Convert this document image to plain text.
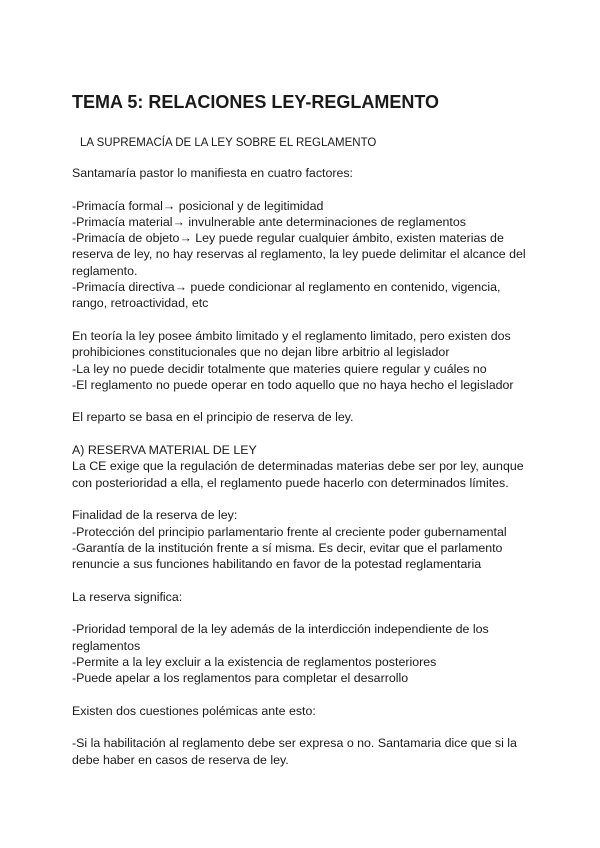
TEMA 5: RELACIONES LEY-REGLAMENTO
LA SUPREMACÍA DE LA LEY SOBRE EL REGLAMENTO

Santamaría pastor lo manifiesta en cuatro factores:

-Primacía formal→ posicional y de legitimidad

-Primacía material→ invulnerable ante determinaciones de reglamentos

-Primacía de objeto→ Ley puede regular cualquier ámbito, existen materias de

reserva de ley, no hay reservas al reglamento, la ley puede delimitar el alcance del

reglamento.

-Primacía directiva→ puede condicionar al reglamento en contenido, vigencia,

rango, retroactividad, etc

En teoría la ley posee ámbito limitado y el reglamento limitado, pero existen dos

prohibiciones constitucionales que no dejan libre arbitrio al legislador

-La ley no puede decidir totalmente que materies quiere regular y cuáles no

-El reglamento no puede operar en todo aquello que no haya hecho el legislador

El reparto se basa en el principio de reserva de ley.

A) RESERVA MATERIAL DE LEY

La CE exige que la regulación de determinadas materias debe ser por ley, aunque

con posterioridad a ella, el reglamento puede hacerlo con determinados límites.

Finalidad de la reserva de ley:

-Protección del principio parlamentario frente al creciente poder gubernamental

-Garantía de la institución frente a sí misma. Es decir, evitar que el parlamento

renuncie a sus funciones habilitando en favor de la potestad reglamentaria

La reserva significa:

-Prioridad temporal de la ley además de la interdicción independiente de los

reglamentos

-Permite a la ley excluir a la existencia de reglamentos posteriores

-Puede apelar a los reglamentos para completar el desarrollo

Existen dos cuestiones polémicas ante esto:

-Si la habilitación al reglamento debe ser expresa o no. Santamaria dice que si la

debe haber en casos de reserva de ley.
